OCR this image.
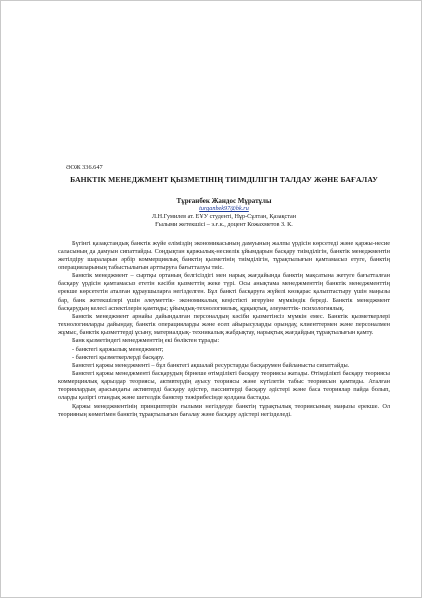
ӘОЖ 336.647
БАНКТІК МЕНЕДЖМЕНТ ҚЫЗМЕТІНІҢ ТИІМДІЛІГІН ТАЛДАУ ЖӘНЕ БАҒАЛАУ
Тұрғанбек Жандос Мұратұлы
turganbek97@bk.ru
Л.Н.Гумилев ат. ЕҰУ студенті, Нұр-Сұлтан, Қазақстан
Ғылыми жетекшісі – э.ғ.к., доцент Кожахметов З. К.

Бүгінгі қазақстандық банктік жүйе еліміздің экономикасының дамуының жалпы үрдісін көрсетеді және қаржы-несие саласының да дамуын сипаттайды. Соңдықтан қаржылық-несиелік ұйымдарын басқару тиімділігін, банктік менеджментін жетілдіру шараларын әрбір коммерциялық банктің қызметінің тиімділігін, тұрақтылығын қамтамасыз етуге, банктің операцияларының табыстылығын арттыруға бағытталуы тиіс.

Банктік менеджмент – сыртқы ортаның белгісіздігі мен нарық жағдайында банктің мақсатына жетуге бағытталған басқару үрдісін қамтамасыз ететін кәсіби қызметтің жеке түрі. Осы анықтама менеджменттің банктік менеджменттің ерекше көрсететін аталған құраушыларға негізделген. Бұл банкті басқаруға жүйелі көзқарас қалыптастыру үшін маңызы бар, банк жетекшілері үшін әлеуметтік- экономикалық кеңістікті игеруіне мүмкіндік береді. Банктік менеджмент басқарудың келесі аспектілерін қамтиды; ұйымдық-технологиялық, құқықтық, әлеуметтік- психологиялық.

Банктік менеджмент арнайы дайындалған персоналдың кәсіби қызметінсіз мүмкін емес. Банктік қызметкерлері технологияларды дайындау, банктік операцияларды және есеп айырысуларды орындау, клиенттермен және персоналмен жұмыс, банктік қызметтерді ұсыну, материалдық- техникалық жабдықтау, нарықтық жағдайдың тұрақтылығын қамту.

Банк қызметіндегі менеджменттің екі бөліктен тұрады:

- банктегі қаржылық менеджмент;

- банктегі қызметкерлерді басқару.

Банктегі қаржы менеджменті – бұл банктегі ақшалай ресурстарды басқарумен байланысты сипаттайды.

Банктегі қаржы менеджменті басқарудың бірнеше өтімділікті басқару теориясы жатады. Өтімділікті басқару теориясы коммерциялық қарыздар теориясы, активтердің ауысу теориясы және күтілетін табыс теориясын қамтиды. Аталған теориялардың арасындағы активтерді басқару әдістер, пассивтерді басқару әдістері және баса теориялар пайда болып, оларды қазіргі отандық және шетелдік банктер тәжірибесінде қолдана бастады.

Қаржы менеджментінің принциптерін ғылыми негіздеуде банктің тұрақтылық теориясының маңызы ерекше. Ол теорияның көмегімен банктің тұрақтылығын бағалау және басқару әдістері негізделеді.
